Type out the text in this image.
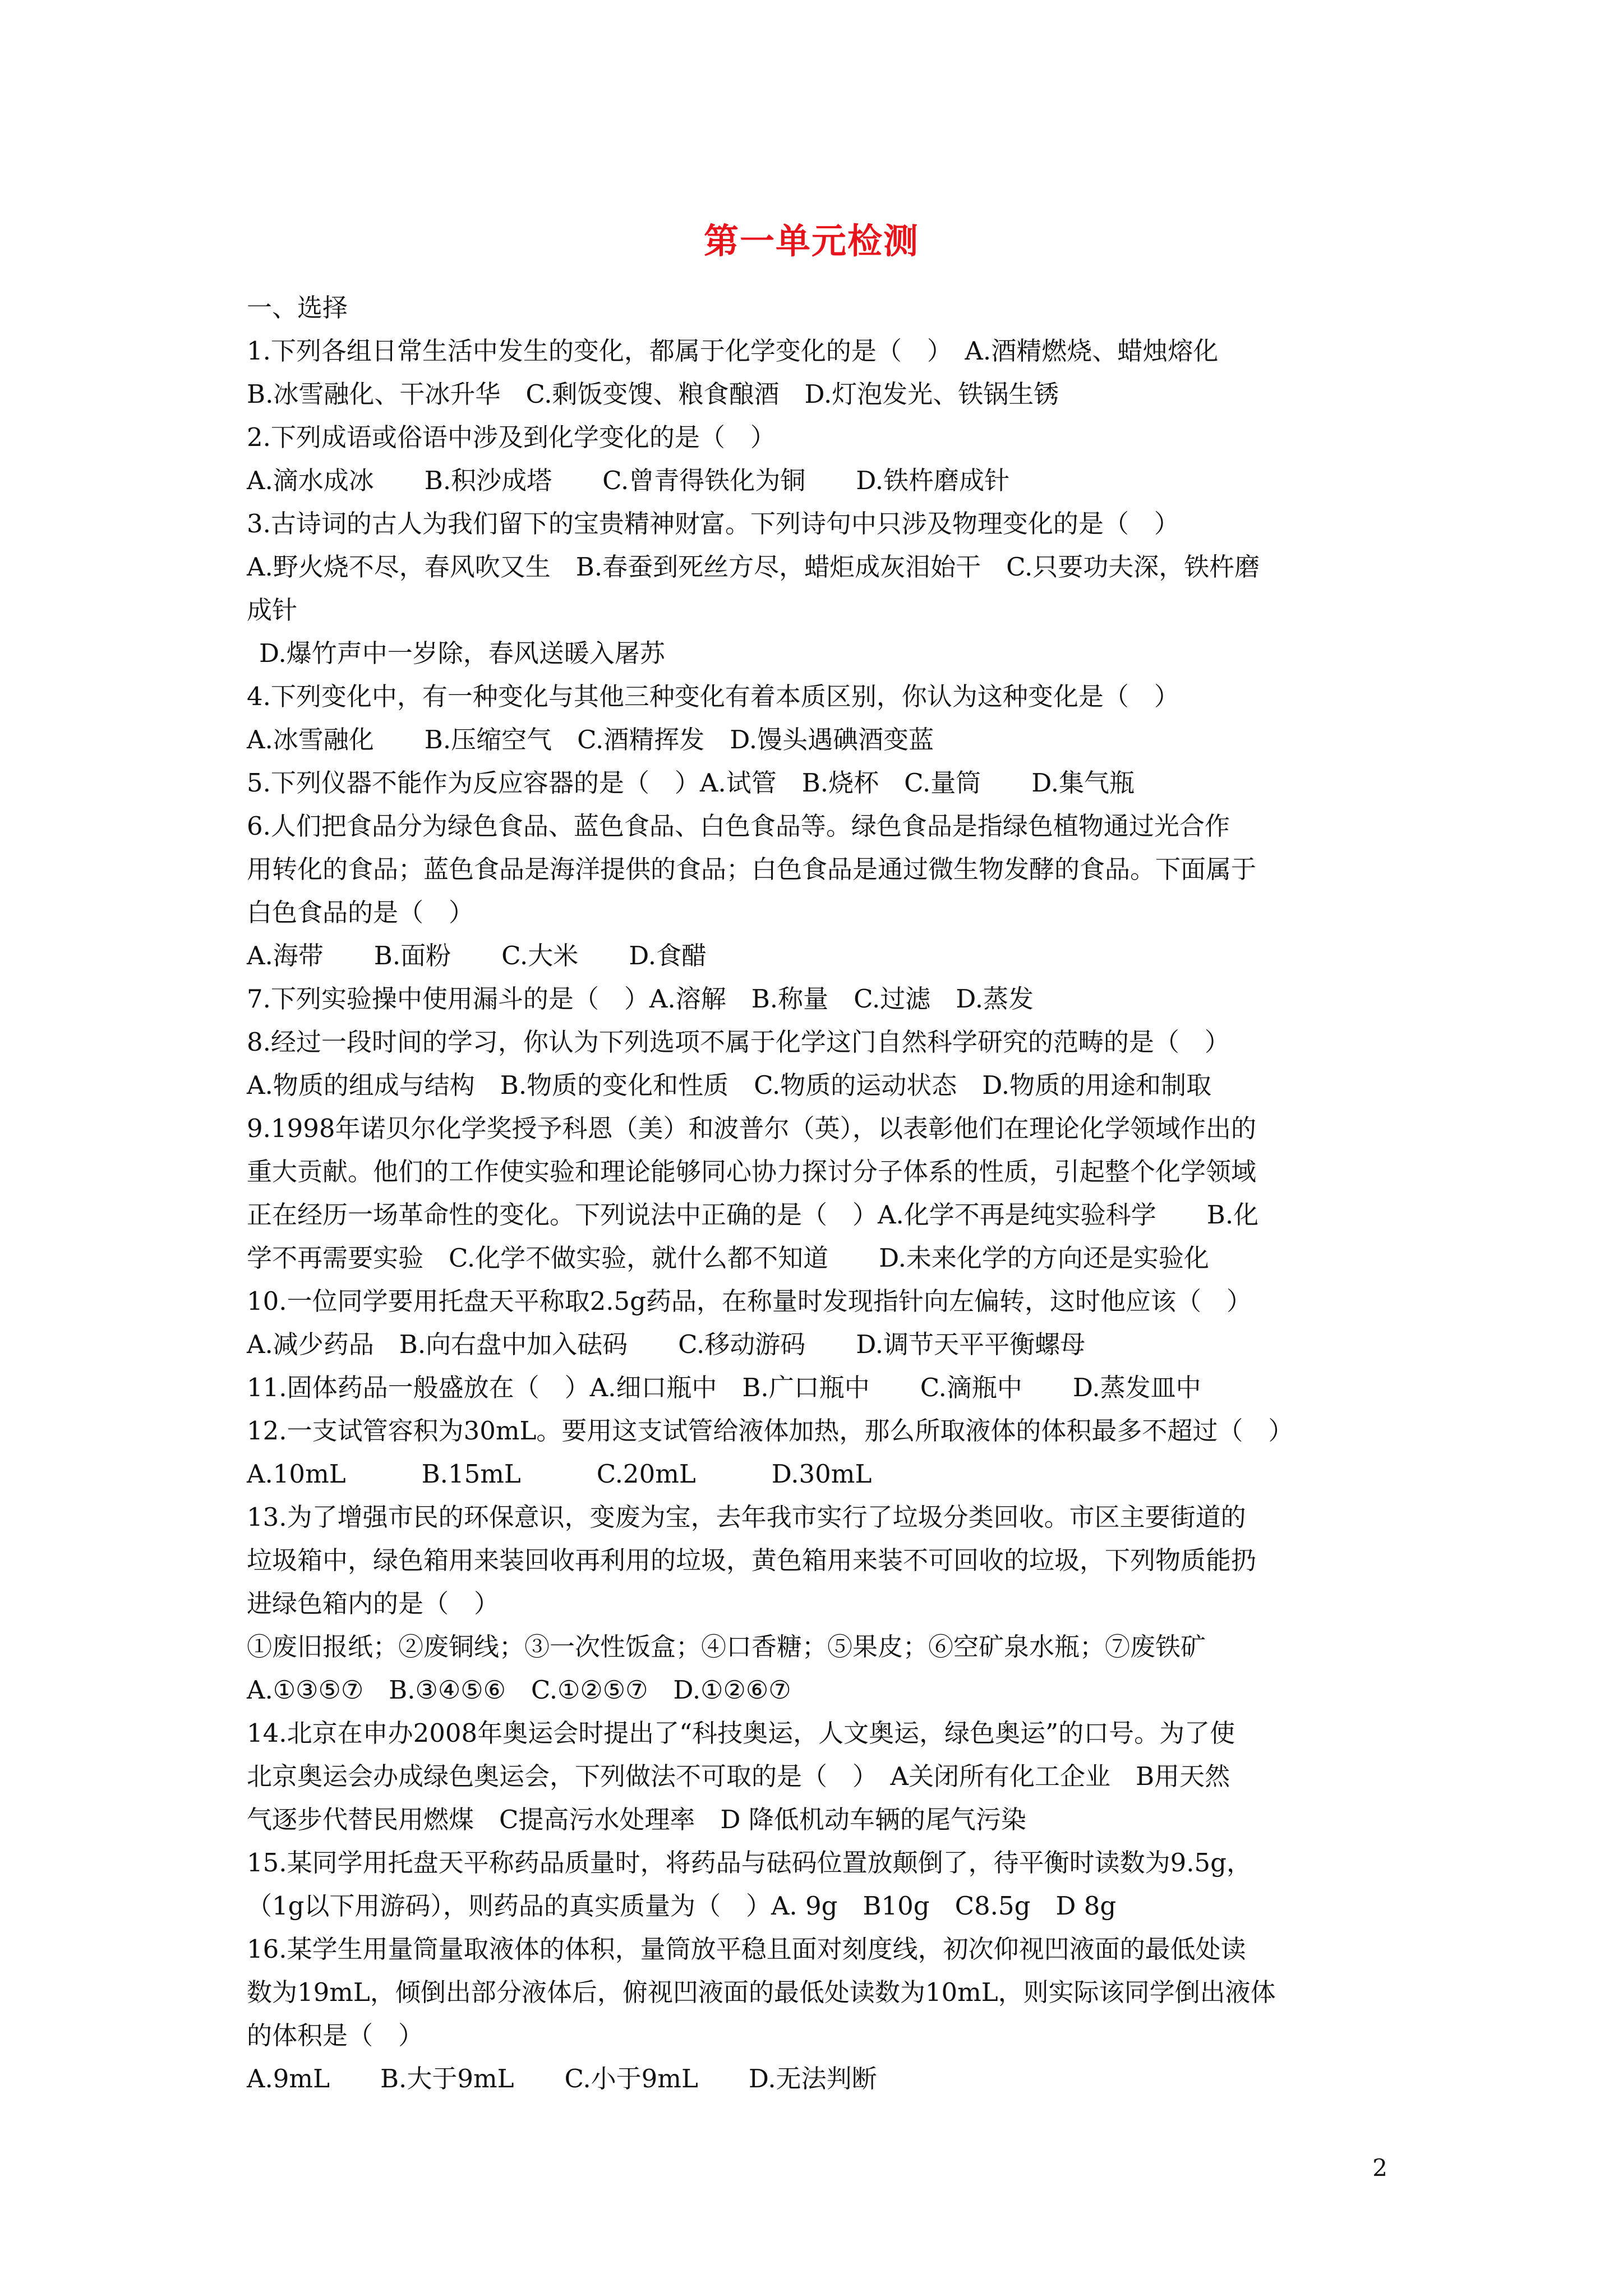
第一单元检测
一、选择
1.下列各组日常生活中发生的变化，都属于化学变化的是（　）　A.酒精燃烧、蜡烛熔化
B.冰雪融化、干冰升华　C.剩饭变馊、粮食酿酒　D.灯泡发光、铁锅生锈
2.下列成语或俗语中涉及到化学变化的是（　）
A.滴水成冰　　B.积沙成塔　　C.曾青得铁化为铜　　D.铁杵磨成针
3.古诗词的古人为我们留下的宝贵精神财富。下列诗句中只涉及物理变化的是（　）
A.野火烧不尽，春风吹又生　B.春蚕到死丝方尽，蜡炬成灰泪始干　C.只要功夫深，铁杵磨
成针
D.爆竹声中一岁除，春风送暖入屠苏
4.下列变化中，有一种变化与其他三种变化有着本质区别，你认为这种变化是（　）
A.冰雪融化　　B.压缩空气　C.酒精挥发　D.馒头遇碘酒变蓝
5.下列仪器不能作为反应容器的是（　）A.试管　B.烧杯　C.量筒　　D.集气瓶
6.人们把食品分为绿色食品、蓝色食品、白色食品等。绿色食品是指绿色植物通过光合作
用转化的食品；蓝色食品是海洋提供的食品；白色食品是通过微生物发酵的食品。下面属于
白色食品的是（　）
A.海带　　B.面粉　　C.大米　　D.食醋
7.下列实验操中使用漏斗的是（　）A.溶解　B.称量　C.过滤　D.蒸发
8.经过一段时间的学习，你认为下列选项不属于化学这门自然科学研究的范畴的是（　）
A.物质的组成与结构　B.物质的变化和性质　C.物质的运动状态　D.物质的用途和制取
9.1998年诺贝尔化学奖授予科恩（美）和波普尔（英），以表彰他们在理论化学领域作出的
重大贡献。他们的工作使实验和理论能够同心协力探讨分子体系的性质，引起整个化学领域
正在经历一场革命性的变化。下列说法中正确的是（　）A.化学不再是纯实验科学　　B.化
学不再需要实验　C.化学不做实验，就什么都不知道　　D.未来化学的方向还是实验化
10.一位同学要用托盘天平称取2.5g药品，在称量时发现指针向左偏转，这时他应该（　）
A.减少药品　B.向右盘中加入砝码　　C.移动游码　　D.调节天平平衡螺母
11.固体药品一般盛放在（　）A.细口瓶中　B.广口瓶中　　C.滴瓶中　　D.蒸发皿中
12.一支试管容积为30mL。要用这支试管给液体加热，那么所取液体的体积最多不超过（　）
A.10mL　　　B.15mL　　　C.20mL　　　D.30mL
13.为了增强市民的环保意识，变废为宝，去年我市实行了垃圾分类回收。市区主要街道的
垃圾箱中，绿色箱用来装回收再利用的垃圾，黄色箱用来装不可回收的垃圾，下列物质能扔
进绿色箱内的是（　）
①废旧报纸；②废铜线；③一次性饭盒；④口香糖；⑤果皮；⑥空矿泉水瓶；⑦废铁矿
A.①③⑤⑦　B.③④⑤⑥　C.①②⑤⑦　D.①②⑥⑦
14.北京在申办2008年奥运会时提出了“科技奥运，人文奥运，绿色奥运”的口号。为了使
北京奥运会办成绿色奥运会，下列做法不可取的是（　）　A关闭所有化工企业　B用天然
气逐步代替民用燃煤　C提高污水处理率　D 降低机动车辆的尾气污染
15.某同学用托盘天平称药品质量时，将药品与砝码位置放颠倒了，待平衡时读数为9.5g，
（1g以下用游码），则药品的真实质量为（　）A. 9g　B10g　C8.5g　D 8g
16.某学生用量筒量取液体的体积，量筒放平稳且面对刻度线，初次仰视凹液面的最低处读
数为19mL，倾倒出部分液体后，俯视凹液面的最低处读数为10mL，则实际该同学倒出液体
的体积是（　）
A.9mL　　B.大于9mL　　C.小于9mL　　D.无法判断
2
